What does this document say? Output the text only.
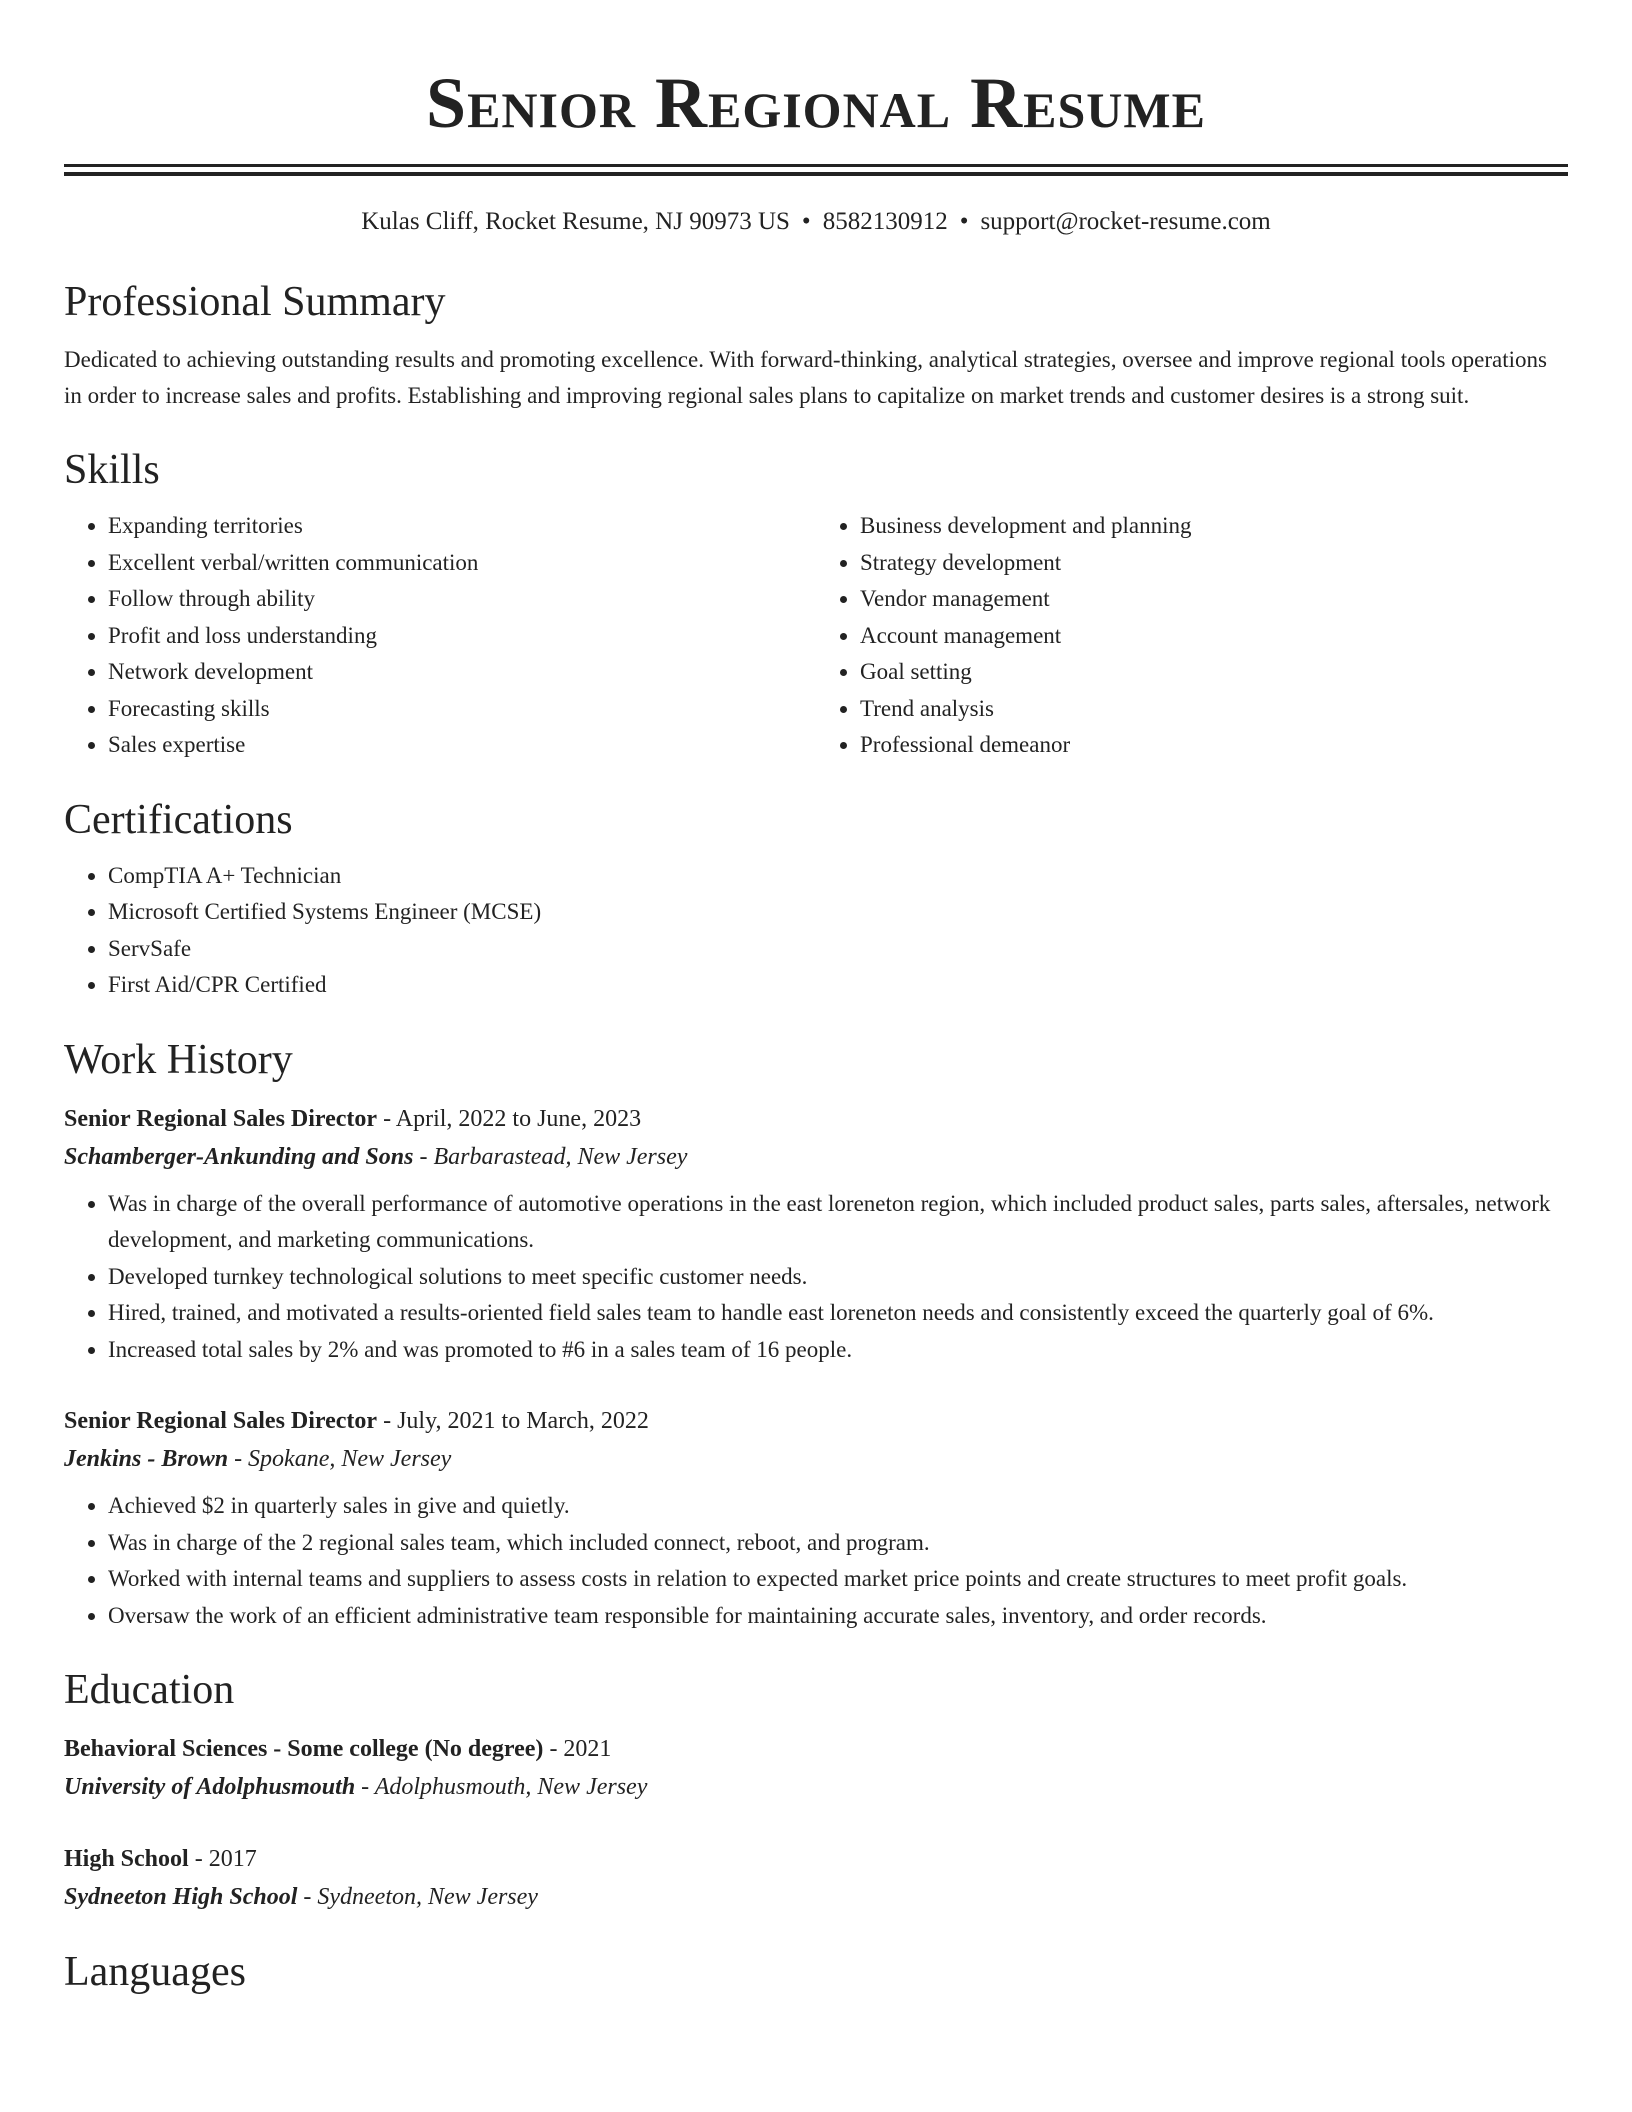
Senior Regional Resume
Kulas Cliff, Rocket Resume, NJ 90973 US • 8582130912 • support@rocket-resume.com
Professional Summary

Dedicated to achieving outstanding results and promoting excellence. With forward-thinking, analytical strategies, oversee and improve regional tools operations in order to increase sales and profits. Establishing and improving regional sales plans to capitalize on market trends and customer desires is a strong suit.

Skills
• Expanding territories
• Excellent verbal/written communication
• Follow through ability
• Profit and loss understanding
• Network development
• Forecasting skills
• Sales expertise
• Business development and planning
• Strategy development
• Vendor management
• Account management
• Goal setting
• Trend analysis
• Professional demeanor
Certifications
• CompTIA A+ Technician
• Microsoft Certified Systems Engineer (MCSE)
• ServSafe
• First Aid/CPR Certified
Work History
Senior Regional Sales Director - April, 2022 to June, 2023
Schamberger-Ankunding and Sons - Barbarastead, New Jersey
• Was in charge of the overall performance of automotive operations in the east loreneton region, which included product sales, parts sales, aftersales, network development, and marketing communications.
• Developed turnkey technological solutions to meet specific customer needs.
• Hired, trained, and motivated a results-oriented field sales team to handle east loreneton needs and consistently exceed the quarterly goal of 6%.
• Increased total sales by 2% and was promoted to #6 in a sales team of 16 people.
Senior Regional Sales Director - July, 2021 to March, 2022
Jenkins - Brown - Spokane, New Jersey
• Achieved $2 in quarterly sales in give and quietly.
• Was in charge of the 2 regional sales team, which included connect, reboot, and program.
• Worked with internal teams and suppliers to assess costs in relation to expected market price points and create structures to meet profit goals.
• Oversaw the work of an efficient administrative team responsible for maintaining accurate sales, inventory, and order records.
Education
Behavioral Sciences - Some college (No degree) - 2021
University of Adolphusmouth - Adolphusmouth, New Jersey
High School - 2017
Sydneeton High School - Sydneeton, New Jersey
Languages
